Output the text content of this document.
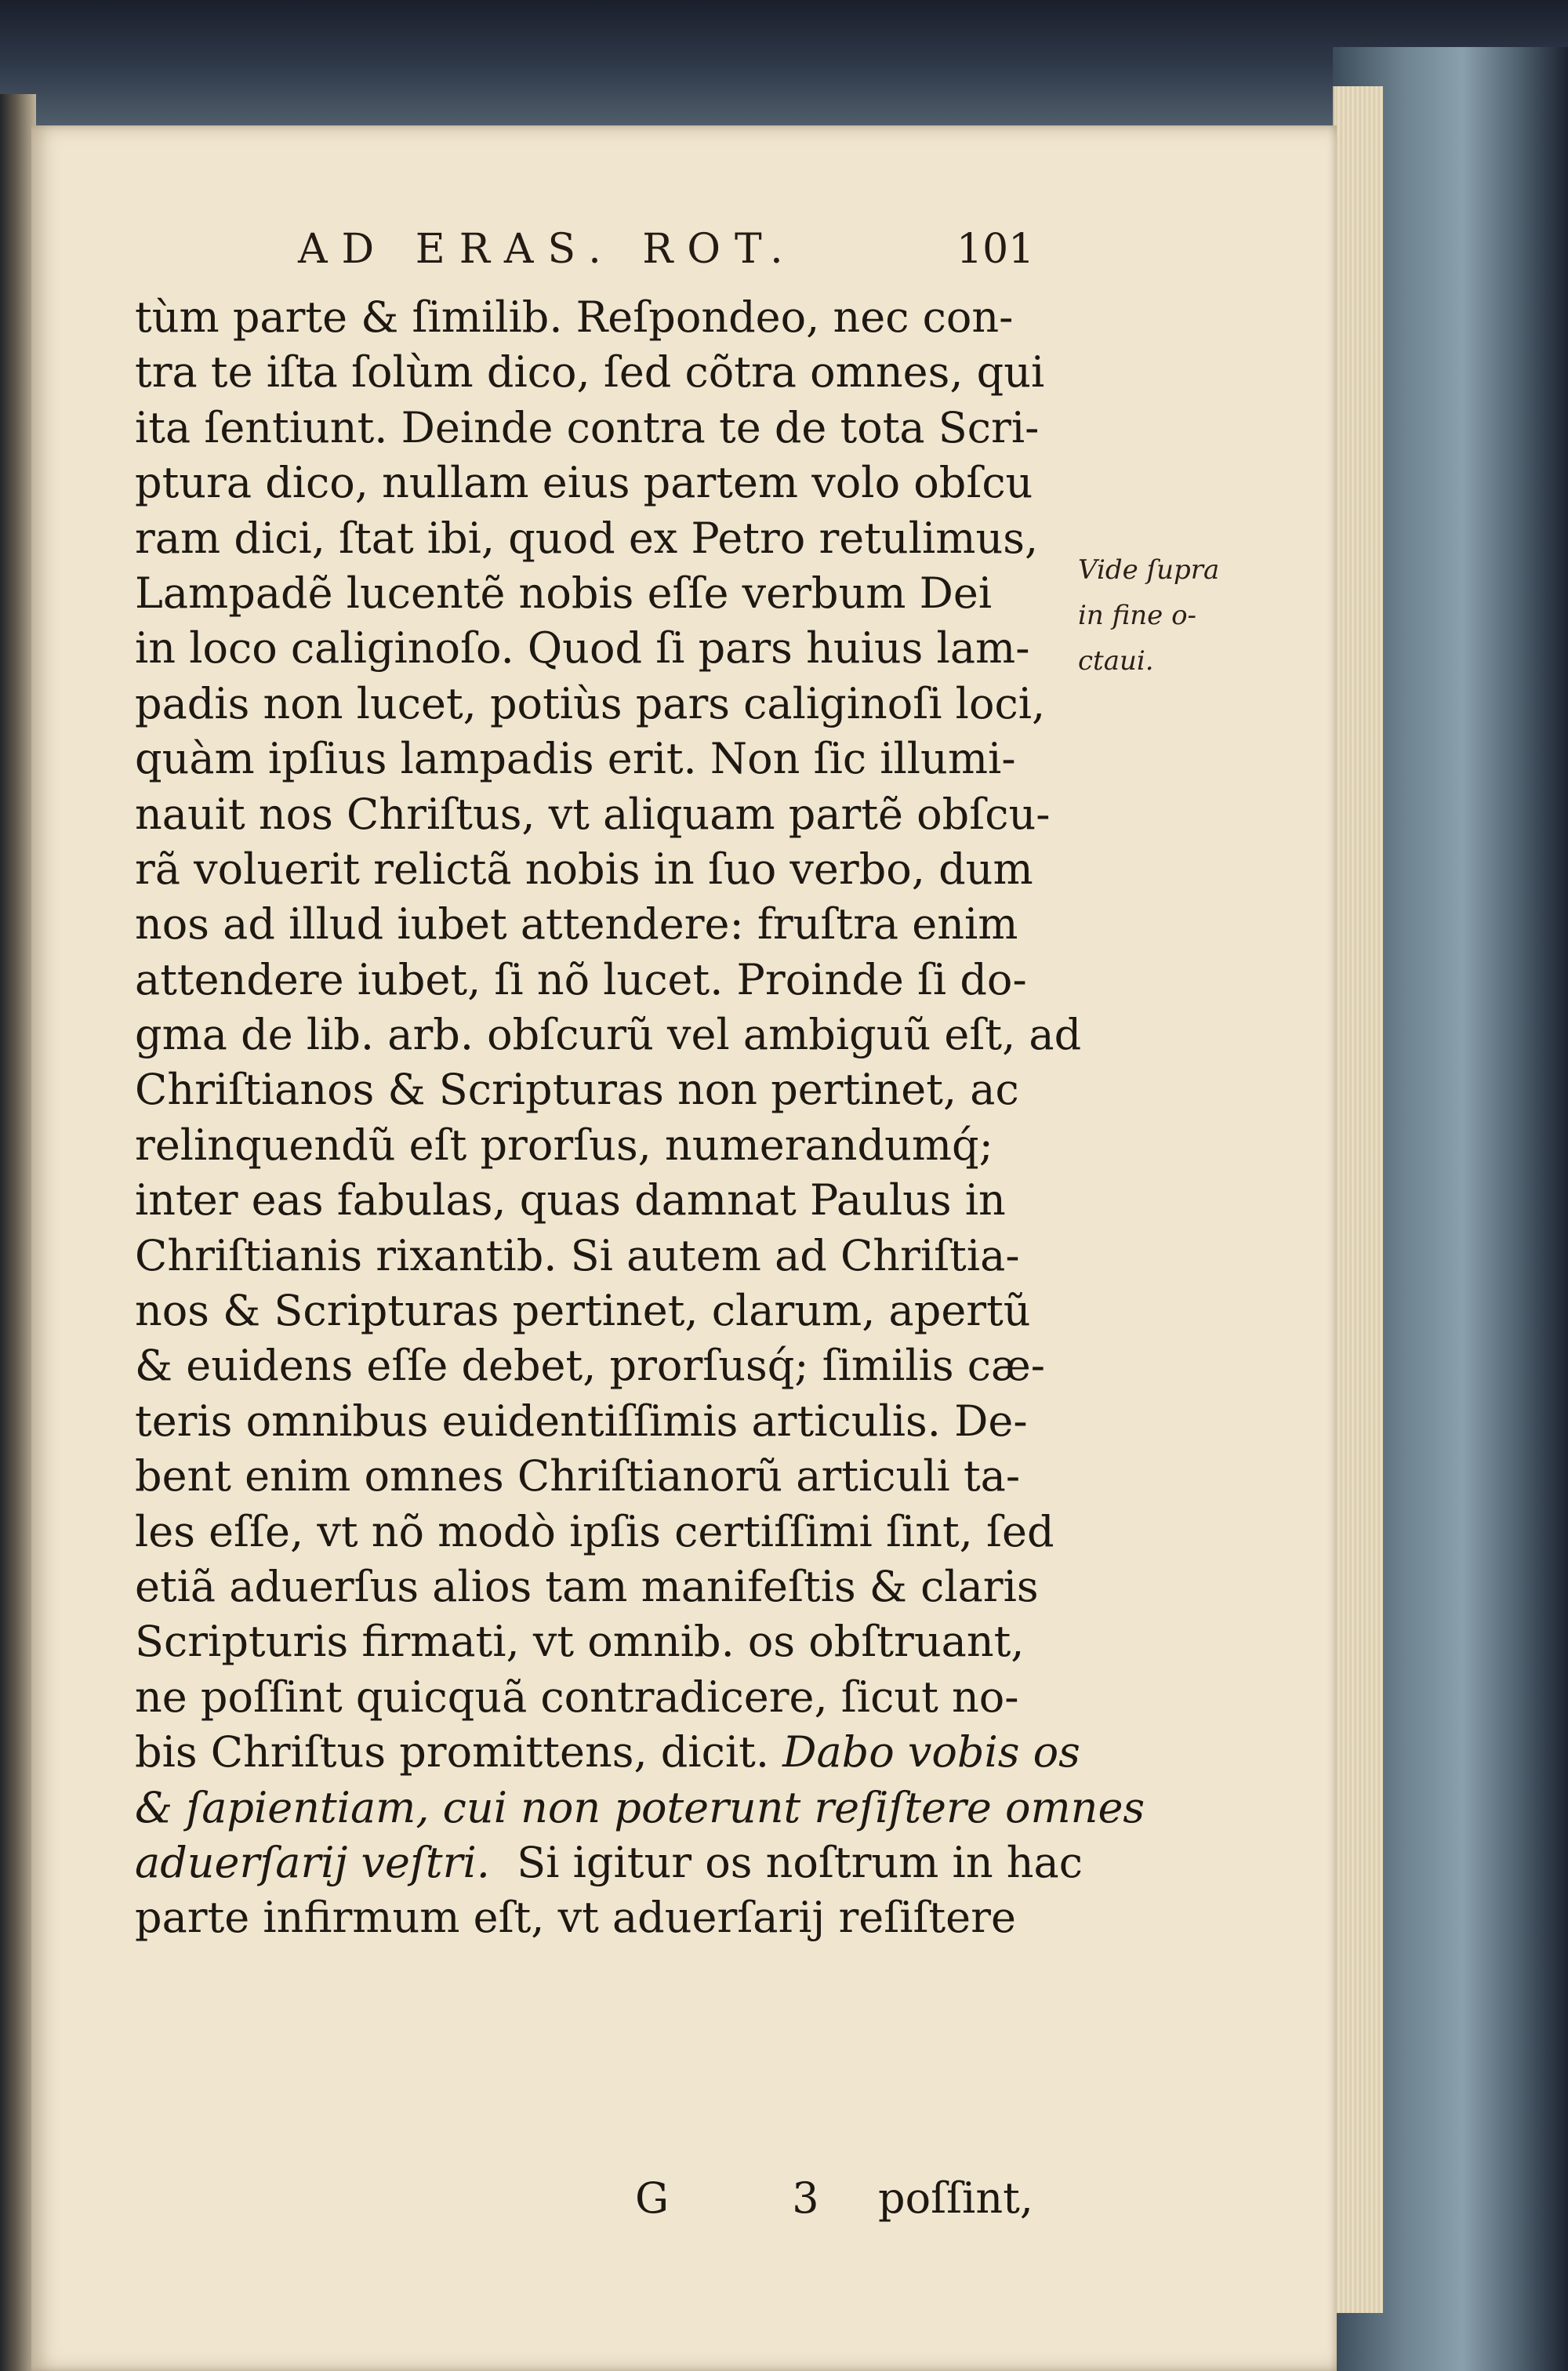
AD ERAS. ROT.	101
tùm parte & ſimilib. Reſpondeo, nec con-
tra te iſta ſolùm dico, ſed cõtra omnes, qui
ita ſentiunt. Deinde contra te de tota Scri-
ptura dico, nullam eius partem volo obſcu
ram dici, ſtat ibi, quod ex Petro retulimus,
Lampadẽ lucentẽ nobis eſſe verbum Dei
in loco caliginoſo. Quod ſi pars huius lam-
padis non lucet, potiùs pars caliginoſi loci,
quàm ipſius lampadis erit. Non ſic illumi-
nauit nos Chriſtus, vt aliquam partẽ obſcu-
rã voluerit relictã nobis in ſuo verbo, dum
nos ad illud iubet attendere: fruſtra enim
attendere iubet, ſi nõ lucet. Proinde ſi do-
gma de lib. arb. obſcurũ vel ambiguũ eſt, ad
Chriſtianos & Scripturas non pertinet, ac
relinquendũ eſt prorſus, numerandumq́;
inter eas fabulas, quas damnat Paulus in
Chriſtianis rixantib. Si autem ad Chriſtia-
nos & Scripturas pertinet, clarum, apertũ
& euidens eſſe debet, prorſusq́; ſimilis cæ-
teris omnibus euidentiſſimis articulis. De-
bent enim omnes Chriſtianorũ articuli ta-
les eſſe, vt nõ modò ipſis certiſſimi ſint, ſed
etiã aduerſus alios tam manifeſtis & claris
Scripturis firmati, vt omnib. os obſtruant,
ne poſſint quicquã contradicere, ſicut no-
bis Chriſtus promittens, dicit. Dabo vobis os
& ſapientiam, cui non poterunt reſiſtere omnes
aduerſarij veſtri. Si igitur os noſtrum in hac
parte infirmum eſt, vt aduerſarij reſiſtere
Vide ſupra
in fine o-
ctaui.
G 3 poſſint,
